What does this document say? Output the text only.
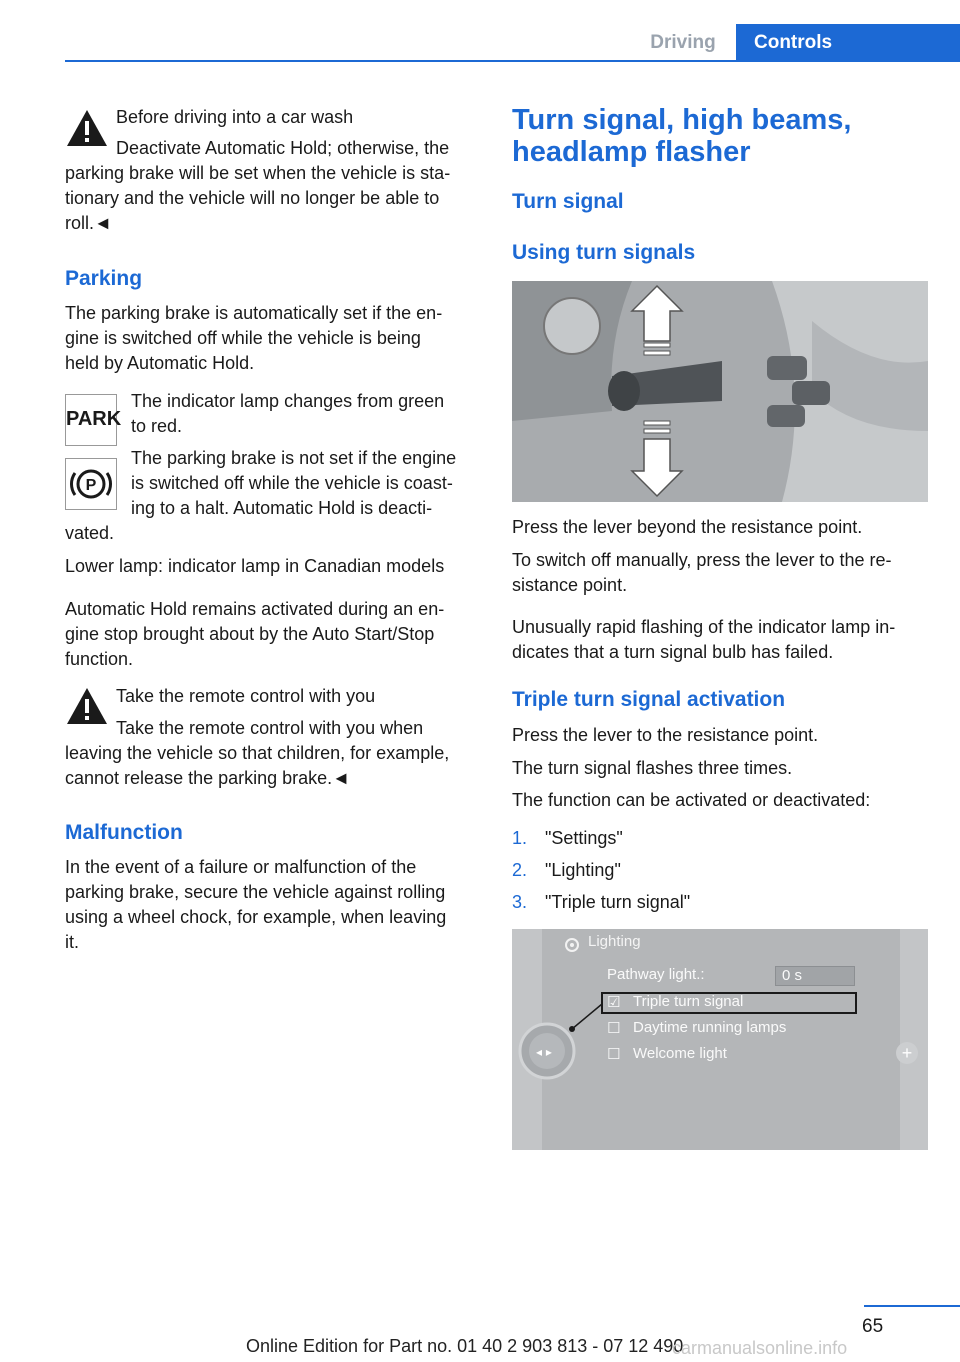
Driving	Controls

Before driving into a car wash

Deactivate Automatic Hold; otherwise, the

parking brake will be set when the vehicle is sta-

tionary and the vehicle will no longer be able to

roll.◄

Parking

The parking brake is automatically set if the en-

gine is switched off while the vehicle is being

held by Automatic Hold.

PARK

The indicator lamp changes from green

to red.

P

The parking brake is not set if the engine

is switched off while the vehicle is coast-

ing to a halt. Automatic Hold is deacti-

vated.

Lower lamp: indicator lamp in Canadian models

Automatic Hold remains activated during an en-

gine stop brought about by the Auto Start/Stop

function.

Take the remote control with you

Take the remote control with you when

leaving the vehicle so that children, for example,

cannot release the parking brake.◄

Malfunction

In the event of a failure or malfunction of the

parking brake, secure the vehicle against rolling

using a wheel chock, for example, when leaving

it.

Turn signal, high beams,
headlamp flasher
Turn signal
Using turn signals

Press the lever beyond the resistance point.

To switch off manually, press the lever to the re-

sistance point.

Unusually rapid flashing of the indicator lamp in-

dicates that a turn signal bulb has failed.

Triple turn signal activation

Press the lever to the resistance point.

The turn signal flashes three times.

The function can be activated or deactivated:

1. "Settings"
2. "Lighting"
3. "Triple turn signal"
Lighting
Pathway light.:	0 s
☑ Triple turn signal
☐ Daytime running lamps
☐ Welcome light
◂ ▸	+
65
Online Edition for Part no. 01 40 2 903 813 - 07 12 490
carmanualsonline.info
